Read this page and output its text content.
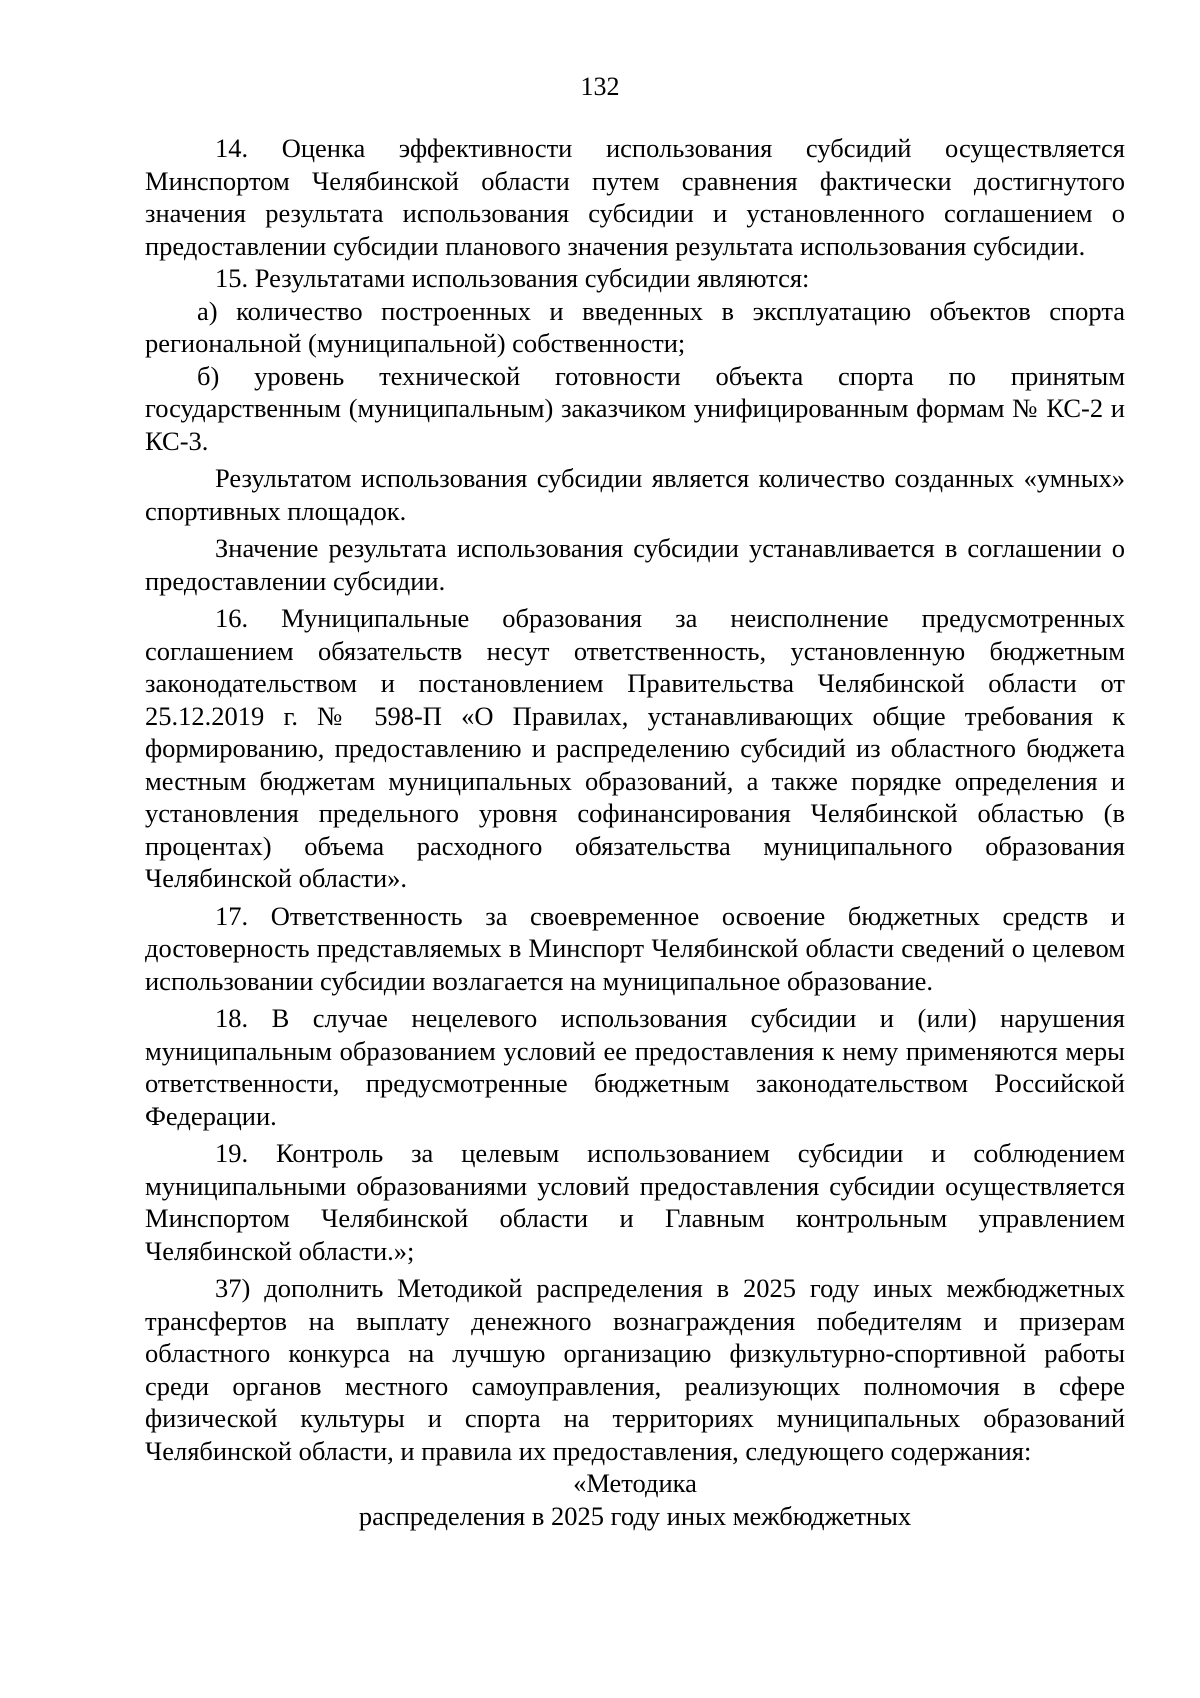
132

14. Оценка эффективности использования субсидий осуществляется Минспортом Челябинской области путем сравнения фактически достигнутого значения результата использования субсидии и установленного соглашением о предоставлении субсидии планового значения результата использования субсидии.

15. Результатами использования субсидии являются:

а) количество построенных и введенных в эксплуатацию объектов спорта региональной (муниципальной) собственности;

б) уровень технической готовности объекта спорта по принятым государственным (муниципальным) заказчиком унифицированным формам № КС-2 и КС-3.

Результатом использования субсидии является количество созданных «умных» спортивных площадок.

Значение результата использования субсидии устанавливается в соглашении о предоставлении субсидии.

16. Муниципальные образования за неисполнение предусмотренных соглашением обязательств несут ответственность, установленную бюджетным законодательством и постановлением Правительства Челябинской области от 25.12.2019 г. № 598-П «О Правилах, устанавливающих общие требования к формированию, предоставлению и распределению субсидий из областного бюджета местным бюджетам муниципальных образований, а также порядке определения и установления предельного уровня софинансирования Челябинской областью (в процентах) объема расходного обязательства муниципального образования Челябинской области».

17. Ответственность за своевременное освоение бюджетных средств и достоверность представляемых в Минспорт Челябинской области сведений о целевом использовании субсидии возлагается на муниципальное образование.

18. В случае нецелевого использования субсидии и (или) нарушения муниципальным образованием условий ее предоставления к нему применяются меры ответственности, предусмотренные бюджетным законодательством Российской Федерации.

19. Контроль за целевым использованием субсидии и соблюдением муниципальными образованиями условий предоставления субсидии осуществляется Минспортом Челябинской области и Главным контрольным управлением Челябинской области.»;

37) дополнить Методикой распределения в 2025 году иных межбюджетных трансфертов на выплату денежного вознаграждения победителям и призерам областного конкурса на лучшую организацию физкультурно-спортивной работы среди органов местного самоуправления, реализующих полномочия в сфере физической культуры и спорта на территориях муниципальных образований Челябинской области, и правила их предоставления, следующего содержания:

«Методика

распределения в 2025 году иных межбюджетных
